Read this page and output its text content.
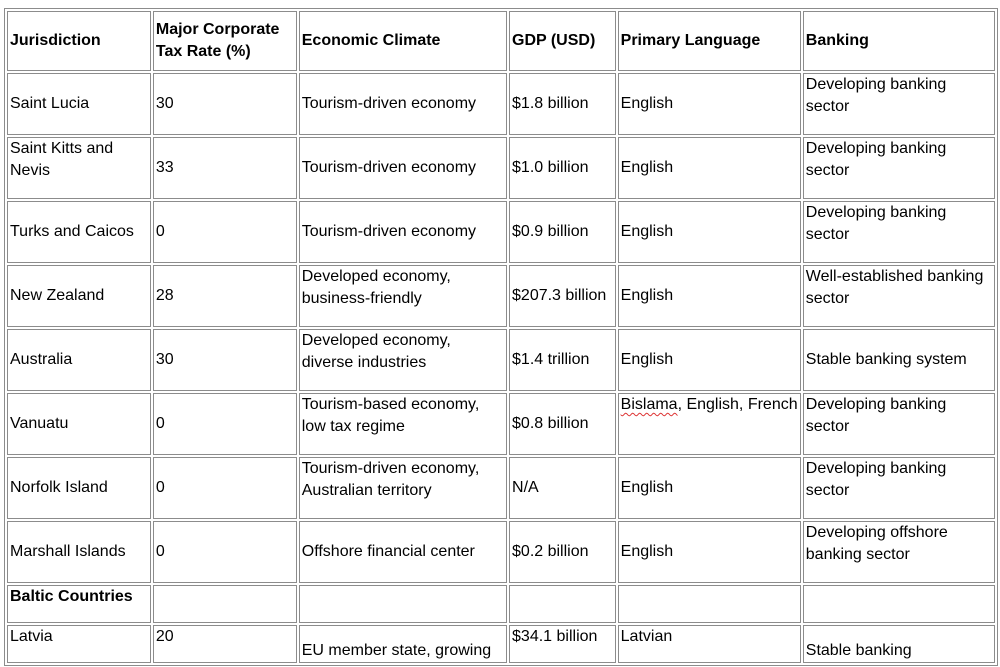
Jurisdiction	Major Corporate Tax Rate (%)	Economic Climate	GDP (USD)	Primary Language	Banking
Saint Lucia	30	Tourism-driven economy	$1.8 billion	English	Developing banking sector
Saint Kitts and Nevis	33	Tourism-driven economy	$1.0 billion	English	Developing banking sector
Turks and Caicos	0	Tourism-driven economy	$0.9 billion	English	Developing banking sector
New Zealand	28	Developed economy, business-friendly	$207.3 billion	English	Well-established banking sector
Australia	30	Developed economy, diverse industries	$1.4 trillion	English	Stable banking system
Vanuatu	0	Tourism-based economy, low tax regime	$0.8 billion	Bislama, English, French	Developing banking sector
Norfolk Island	0	Tourism-driven economy, Australian territory	N/A	English	Developing banking sector
Marshall Islands	0	Offshore financial center	$0.2 billion	English	Developing offshore banking sector
Baltic Countries					
Latvia	20	EU member state, growing	$34.1 billion	Latvian	Stable banking
